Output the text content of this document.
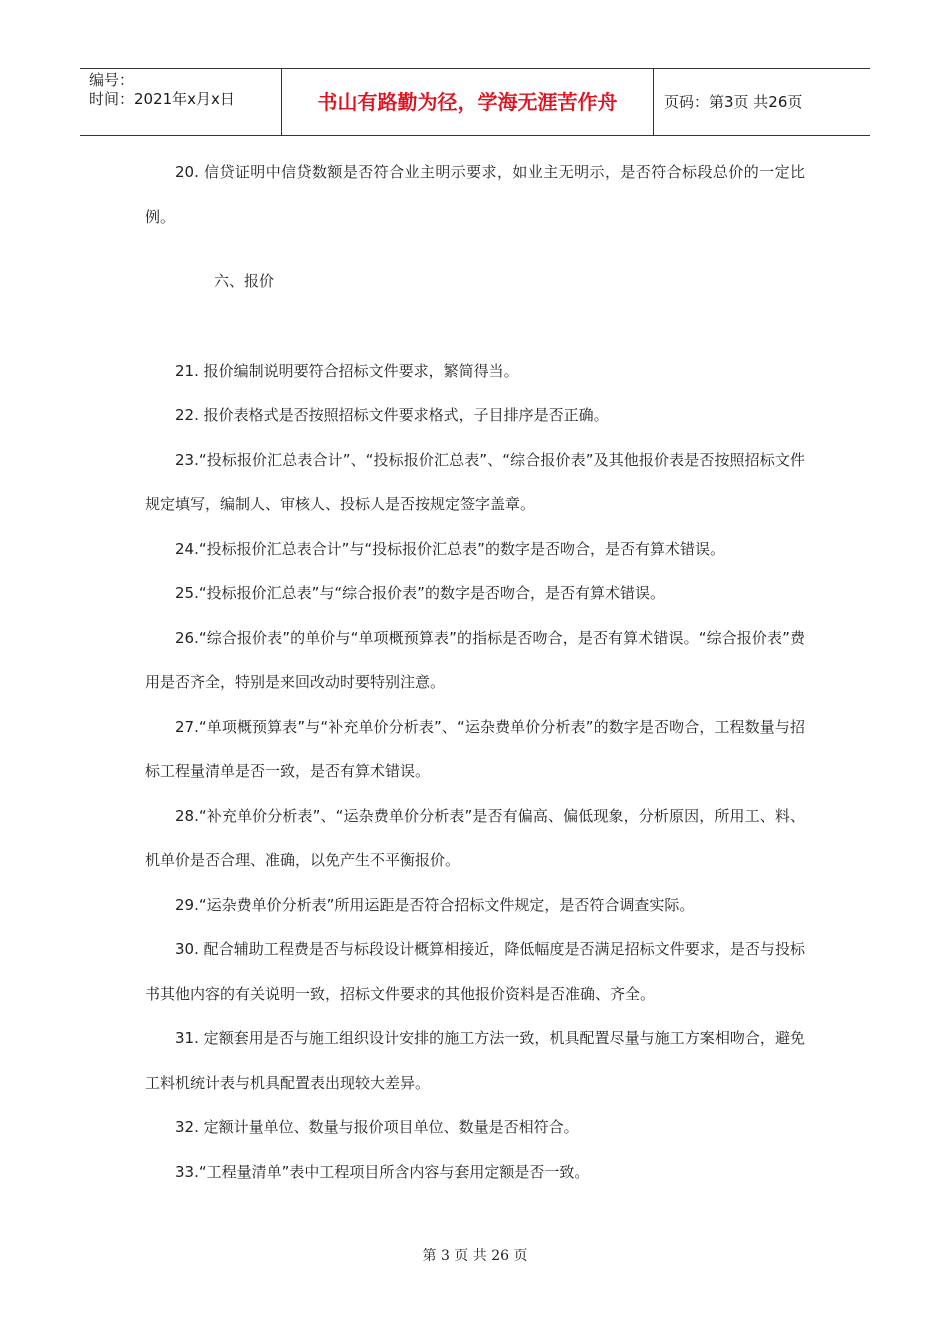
编号：
时间：2021年x月x日	书山有路勤为径，学海无涯苦作舟	页码：第3页 共26页

20. 信贷证明中信贷数额是否符合业主明示要求，如业主无明示，是否符合标段总价的一定比例。

六、报价

21. 报价编制说明要符合招标文件要求，繁简得当。

22. 报价表格式是否按照招标文件要求格式，子目排序是否正确。

23.“投标报价汇总表合计”、“投标报价汇总表”、“综合报价表”及其他报价表是否按照招标文件规定填写，编制人、审核人、投标人是否按规定签字盖章。

24.“投标报价汇总表合计”与“投标报价汇总表”的数字是否吻合，是否有算术错误。

25.“投标报价汇总表”与“综合报价表”的数字是否吻合，是否有算术错误。

26.“综合报价表”的单价与“单项概预算表”的指标是否吻合，是否有算术错误。“综合报价表”费用是否齐全，特别是来回改动时要特别注意。

27.“单项概预算表”与“补充单价分析表”、“运杂费单价分析表”的数字是否吻合，工程数量与招标工程量清单是否一致，是否有算术错误。

28.“补充单价分析表”、“运杂费单价分析表”是否有偏高、偏低现象，分析原因，所用工、料、机单价是否合理、准确，以免产生不平衡报价。

29.“运杂费单价分析表”所用运距是否符合招标文件规定，是否符合调查实际。

30. 配合辅助工程费是否与标段设计概算相接近，降低幅度是否满足招标文件要求，是否与投标书其他内容的有关说明一致，招标文件要求的其他报价资料是否准确、齐全。

31. 定额套用是否与施工组织设计安排的施工方法一致，机具配置尽量与施工方案相吻合，避免工料机统计表与机具配置表出现较大差异。

32. 定额计量单位、数量与报价项目单位、数量是否相符合。

33.“工程量清单”表中工程项目所含内容与套用定额是否一致。

第 3 页 共 26 页
